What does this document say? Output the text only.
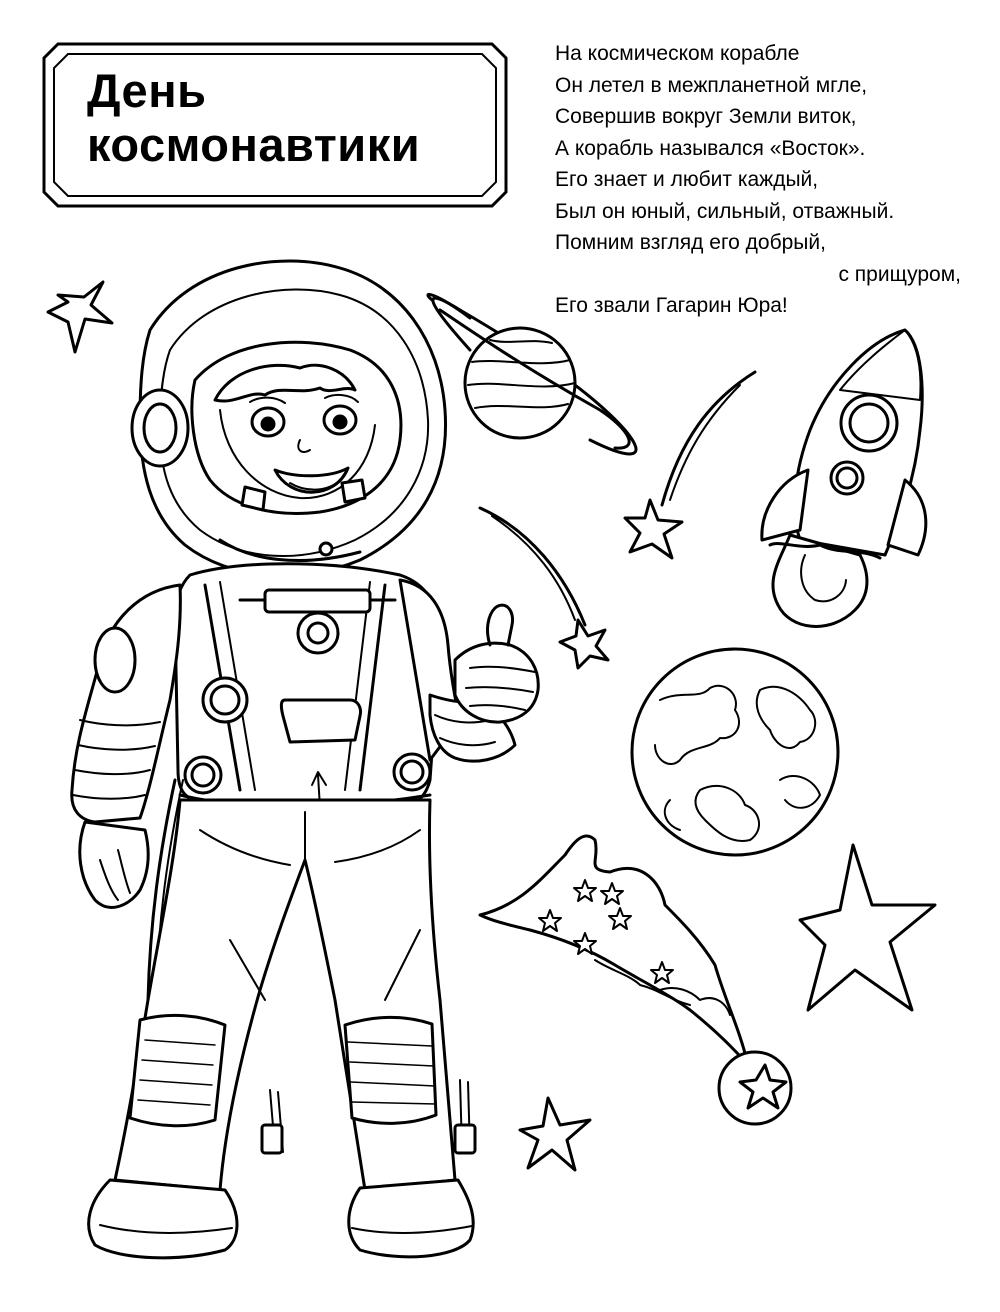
День
космонавтики
На космическом корабле
Он летел в межпланетной мгле,
Совершив вокруг Земли виток,
А корабль назывался «Восток».
Его знает и любит каждый,
Был он юный, сильный, отважный.
Помним взгляд его добрый,
с прищуром,
Его звали Гагарин Юра!
